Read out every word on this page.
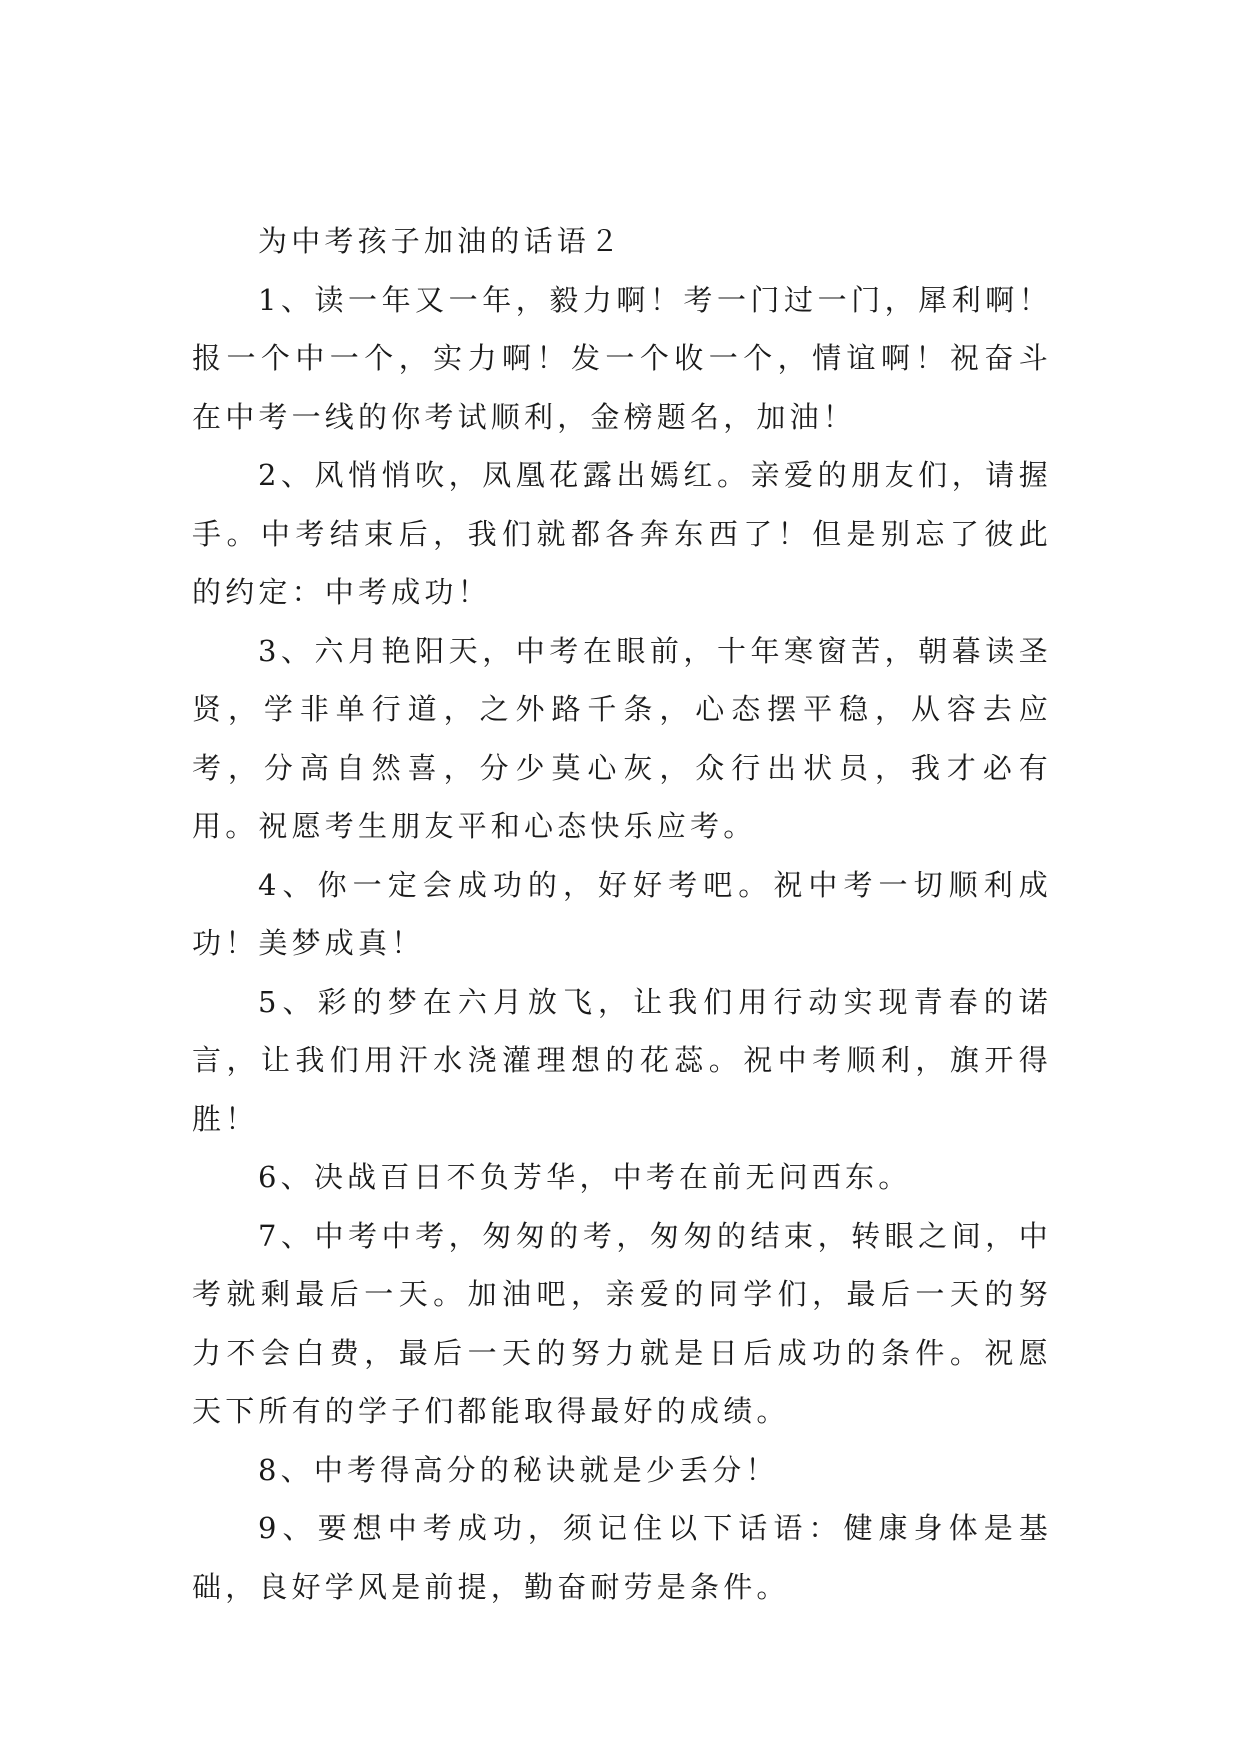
为中考孩子加油的话语２

1、读一年又一年，毅力啊！考一门过一门，犀利啊！报一个中一个，实力啊！发一个收一个，情谊啊！祝奋斗在中考一线的你考试顺利，金榜题名，加油！

2、风悄悄吹，凤凰花露出嫣红。亲爱的朋友们，请握手。中考结束后，我们就都各奔东西了！但是别忘了彼此的约定：中考成功！

3、六月艳阳天，中考在眼前，十年寒窗苦，朝暮读圣贤，学非单行道，之外路千条，心态摆平稳，从容去应考，分高自然喜，分少莫心灰，众行出状员，我才必有用。祝愿考生朋友平和心态快乐应考。

4、你一定会成功的，好好考吧。祝中考一切顺利成功！美梦成真！

5、彩的梦在六月放飞，让我们用行动实现青春的诺言，让我们用汗水浇灌理想的花蕊。祝中考顺利，旗开得胜！

6、决战百日不负芳华，中考在前无问西东。

7、中考中考，匆匆的考，匆匆的结束，转眼之间，中考就剩最后一天。加油吧，亲爱的同学们，最后一天的努力不会白费，最后一天的努力就是日后成功的条件。祝愿天下所有的学子们都能取得最好的成绩。

8、中考得高分的秘诀就是少丢分！

9、要想中考成功，须记住以下话语：健康身体是基础，良好学风是前提，勤奋耐劳是条件。
